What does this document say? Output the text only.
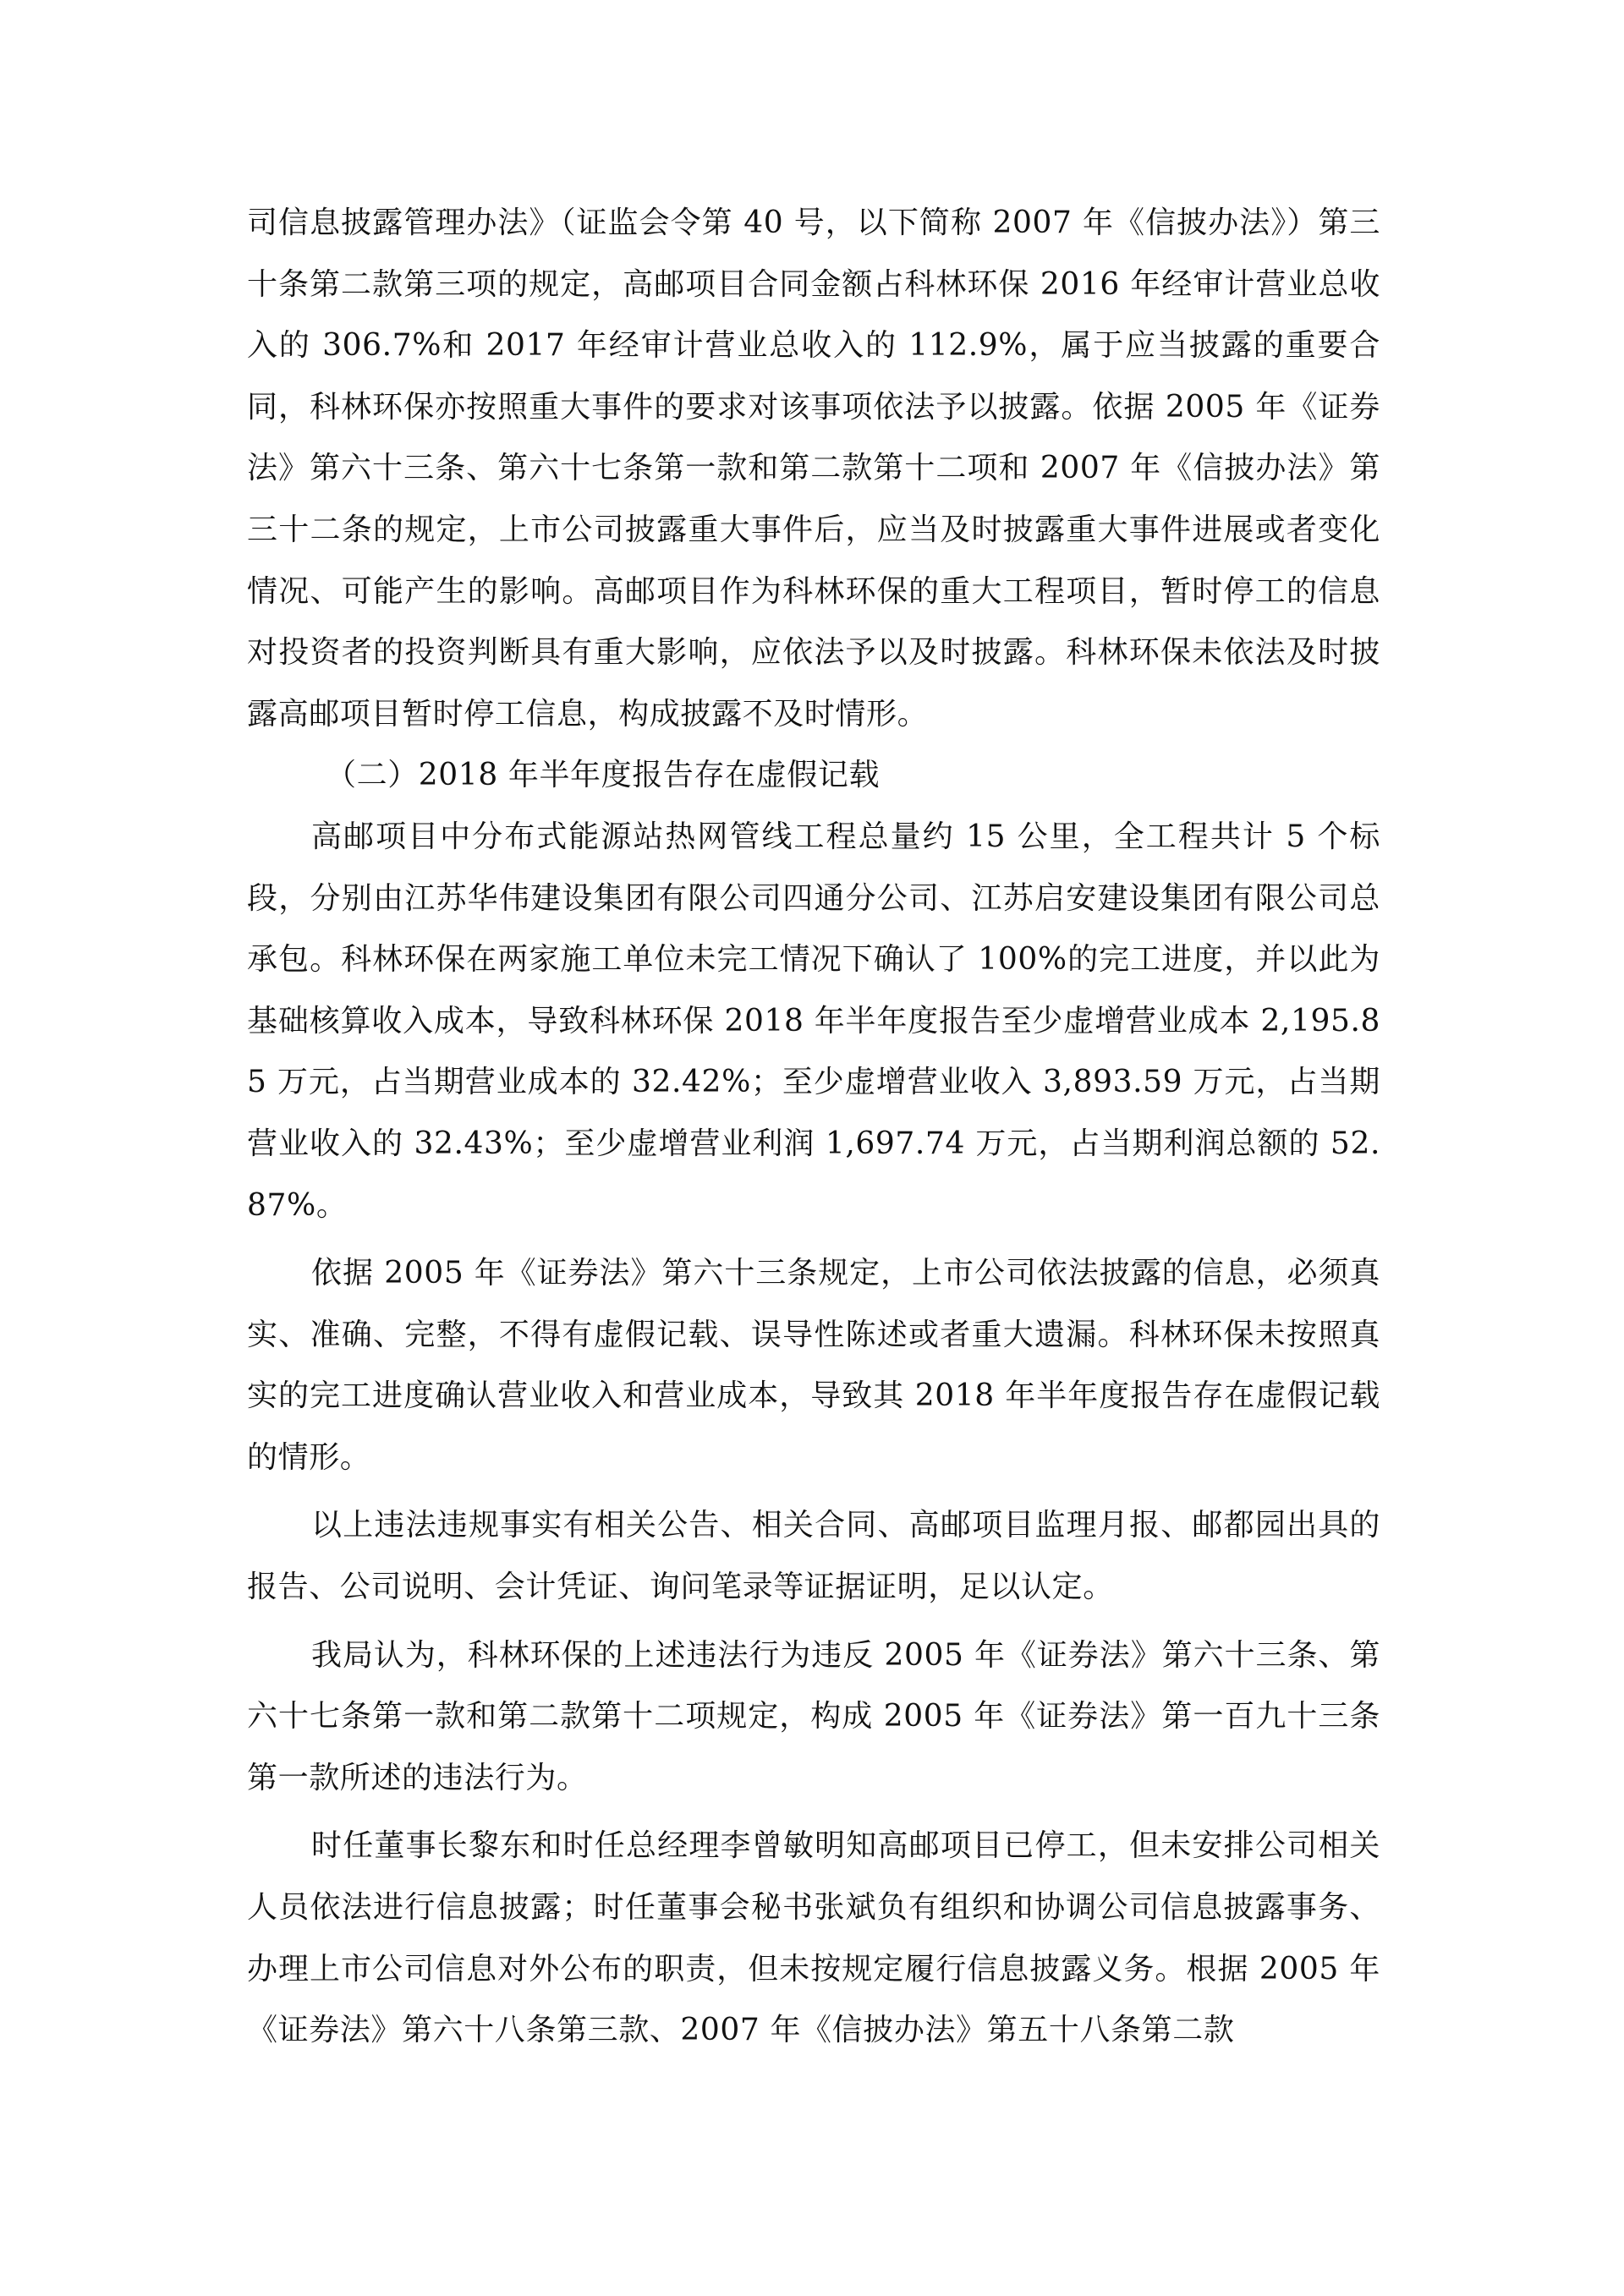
司信息披露管理办法》（证监会令第 40 号，以下简称 2007 年《信披办法》）第三十条第二款第三项的规定，高邮项目合同金额占科林环保 2016 年经审计营业总收入的 306.7%和 2017 年经审计营业总收入的 112.9%，属于应当披露的重要合同，科林环保亦按照重大事件的要求对该事项依法予以披露。依据 2005 年《证券法》第六十三条、第六十七条第一款和第二款第十二项和 2007 年《信披办法》第三十二条的规定，上市公司披露重大事件后，应当及时披露重大事件进展或者变化情况、可能产生的影响。高邮项目作为科林环保的重大工程项目，暂时停工的信息对投资者的投资判断具有重大影响，应依法予以及时披露。科林环保未依法及时披露高邮项目暂时停工信息，构成披露不及时情形。

（二）2018 年半年度报告存在虚假记载

高邮项目中分布式能源站热网管线工程总量约 15 公里，全工程共计 5 个标段，分别由江苏华伟建设集团有限公司四通分公司、江苏启安建设集团有限公司总承包。科林环保在两家施工单位未完工情况下确认了 100%的完工进度，并以此为基础核算收入成本，导致科林环保 2018 年半年度报告至少虚增营业成本 2,195.85 万元，占当期营业成本的 32.42%；至少虚增营业收入 3,893.59 万元，占当期营业收入的 32.43%；至少虚增营业利润 1,697.74 万元，占当期利润总额的 52.87%。

依据 2005 年《证券法》第六十三条规定，上市公司依法披露的信息，必须真实、准确、完整，不得有虚假记载、误导性陈述或者重大遗漏。科林环保未按照真实的完工进度确认营业收入和营业成本，导致其 2018 年半年度报告存在虚假记载的情形。

以上违法违规事实有相关公告、相关合同、高邮项目监理月报、邮都园出具的报告、公司说明、会计凭证、询问笔录等证据证明，足以认定。

我局认为，科林环保的上述违法行为违反 2005 年《证券法》第六十三条、第六十七条第一款和第二款第十二项规定，构成 2005 年《证券法》第一百九十三条第一款所述的违法行为。

时任董事长黎东和时任总经理李曾敏明知高邮项目已停工，但未安排公司相关人员依法进行信息披露；时任董事会秘书张斌负有组织和协调公司信息披露事务、办理上市公司信息对外公布的职责，但未按规定履行信息披露义务。根据 2005 年《证券法》第六十八条第三款、2007 年《信披办法》第五十八条第二款
